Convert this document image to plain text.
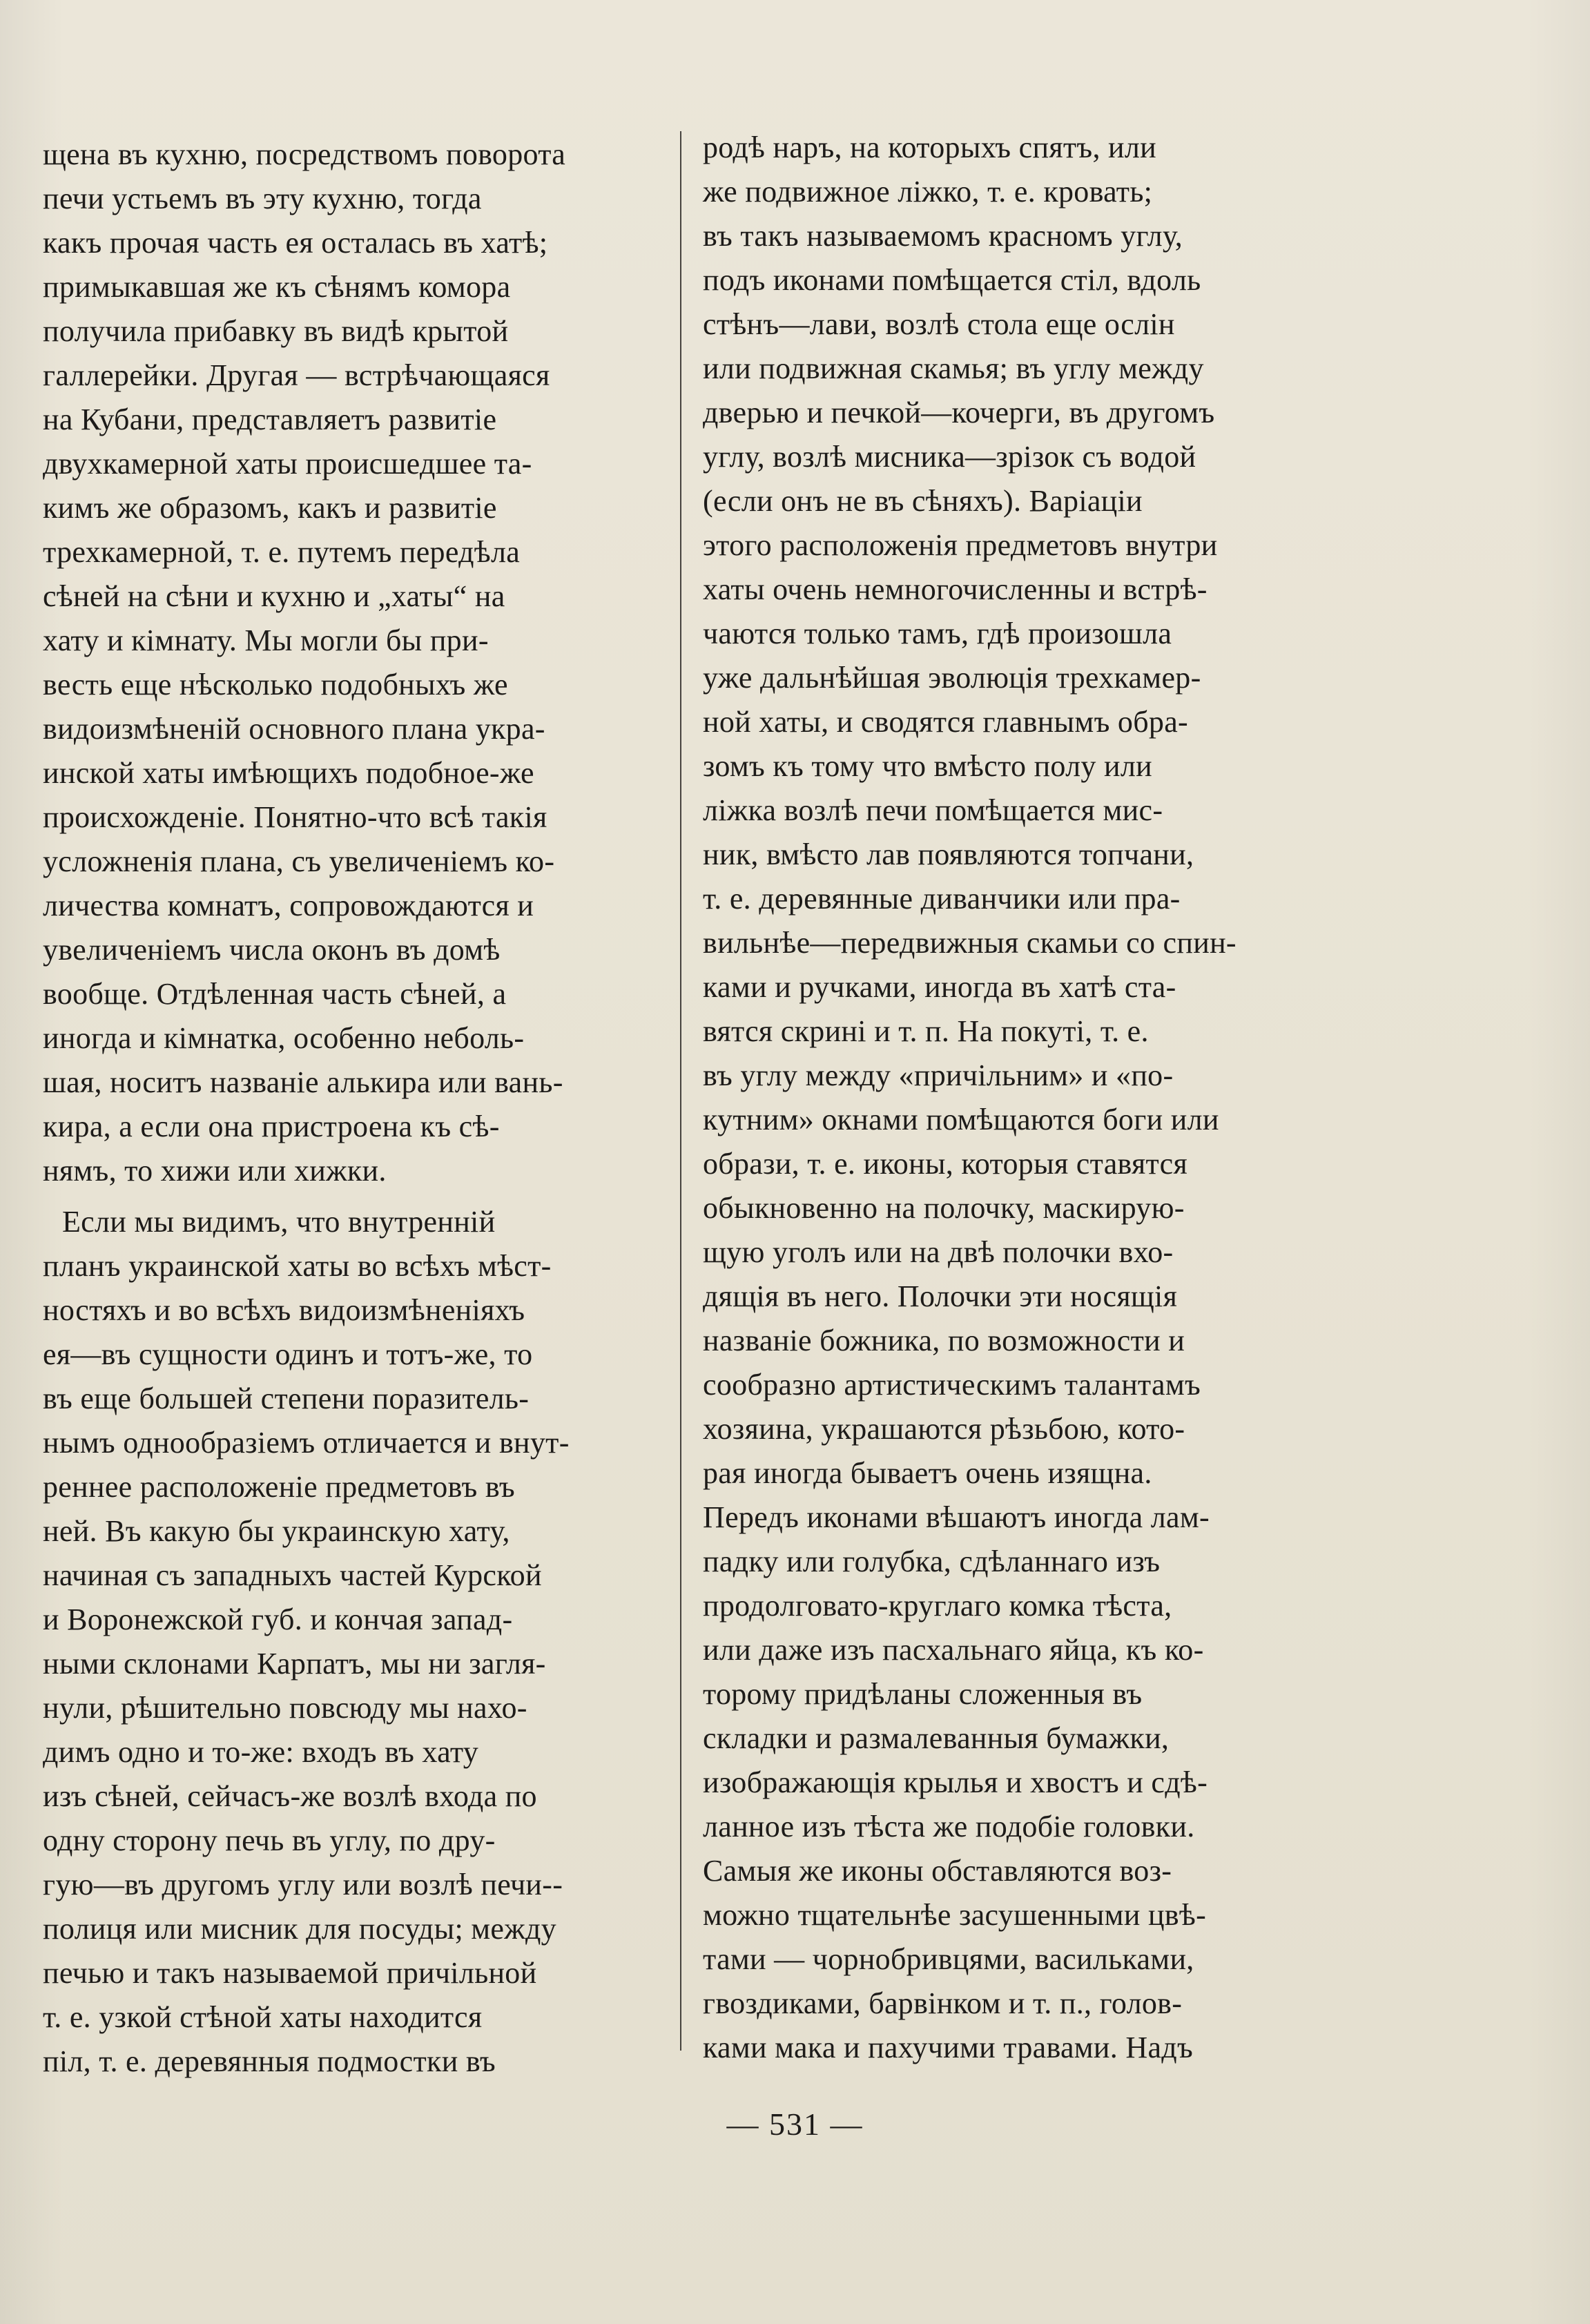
щена въ кухню, посредствомъ поворота
печи устьемъ въ эту кухню, тогда
какъ прочая часть ея осталась въ хатѣ;
примыкавшая же къ сѣнямъ комора
получила прибавку въ видѣ крытой
галлерейки. Другая — встрѣчающаяся
на Кубани, представляетъ развитіе
двухкамерной хаты происшедшее та-
кимъ же образомъ, какъ и развитіе
трехкамерной, т. е. путемъ передѣла
сѣней на сѣни и кухню и „хаты“ на
хату и кімнату. Мы могли бы при-
весть еще нѣсколько подобныхъ же
видоизмѣненій основного плана укра-
инской хаты имѣющихъ подобное-же
происхожденіе. Понятно-что всѣ такія
усложненія плана, съ увеличеніемъ ко-
личества комнатъ, сопровождаются и
увеличеніемъ числа оконъ въ домѣ
вообще. Отдѣленная часть сѣней, а
иногда и кімнатка, особенно неболь-
шая, носитъ названіе алькира или вань-
кира, а если она пристроена къ сѣ-
нямъ, то хижи или хижки.
Если мы видимъ, что внутренній
планъ украинской хаты во всѣхъ мѣст-
ностяхъ и во всѣхъ видоизмѣненіяхъ
ея—въ сущности одинъ и тотъ-же, то
въ еще большей степени поразитель-
нымъ однообразіемъ отличается и внут-
реннее расположеніе предметовъ въ
ней. Въ какую бы украинскую хату,
начиная съ западныхъ частей Курской
и Воронежской губ. и кончая запад-
ными склонами Карпатъ, мы ни загля-
нули, рѣшительно повсюду мы нахо-
димъ одно и то-же: входъ въ хату
изъ сѣней, сейчасъ-же возлѣ входа по
одну сторону печь въ углу, по дру-
гую—въ другомъ углу или возлѣ печи--
полиця или мисник для посуды; между
печью и такъ называемой причільной
т. е. узкой стѣной хаты находится
піл, т. е. деревянныя подмостки въ
родѣ наръ, на которыхъ спятъ, или
же подвижное ліжко, т. е. кровать;
въ такъ называемомъ красномъ углу,
подъ иконами помѣщается стіл, вдоль
стѣнъ—лави, возлѣ стола еще ослін
или подвижная скамья; въ углу между
дверью и печкой—кочерги, въ другомъ
углу, возлѣ мисника—зрізок съ водой
(если онъ не въ сѣняхъ). Варіаціи
этого расположенія предметовъ внутри
хаты очень немногочисленны и встрѣ-
чаются только тамъ, гдѣ произошла
уже дальнѣйшая эволюція трехкамер-
ной хаты, и сводятся главнымъ обра-
зомъ къ тому что вмѣсто полу или
ліжка возлѣ печи помѣщается мис-
ник, вмѣсто лав появляются топчани,
т. е. деревянные диванчики или пра-
вильнѣе—передвижныя скамьи со спин-
ками и ручками, иногда въ хатѣ ста-
вятся скрині и т. п. На покуті, т. е.
въ углу между «причільним» и «по-
кутним» окнами помѣщаются боги или
образи, т. е. иконы, которыя ставятся
обыкновенно на полочку, маскирую-
щую уголъ или на двѣ полочки вхо-
дящія въ него. Полочки эти носящія
названіе божника, по возможности и
сообразно артистическимъ талантамъ
хозяина, украшаются рѣзьбою, кото-
рая иногда бываетъ очень изящна.
Передъ иконами вѣшаютъ иногда лам-
падку или голубка, сдѣланнаго изъ
продолговато-круглаго комка тѣста,
или даже изъ пасхальнаго яйца, къ ко-
торому придѣланы сложенныя въ
складки и размалеванныя бумажки,
изображающія крылья и хвостъ и сдѣ-
ланное изъ тѣста же подобіе головки.
Самыя же иконы обставляются воз-
можно тщательнѣе засушенными цвѣ-
тами — чорнобривцями, васильками,
гвоздиками, барвінком и т. п., голов-
ками мака и пахучими травами. Надъ
— 531 —
